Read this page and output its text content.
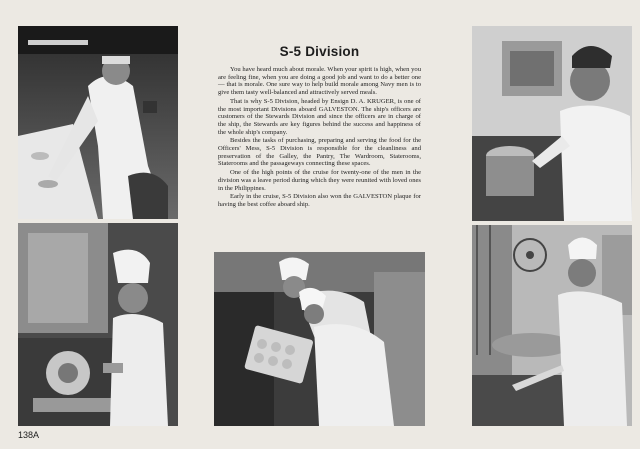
S-5 Division

You have heard much about morale. When your spirit is high, when you are feeling fine, when you are doing a good job and want to do a better one — that is morale. One sure way to help build morale among Navy men is to give them tasty well-balanced and attractively served meals.

That is why S-5 Division, headed by Ensign D. A. KRUGER, is one of the most important Divisions aboard GALVESTON. The ship's officers are customers of the Stewards Division and since the officers are in charge of the ship, the Stewards are key figures behind the success and happiness of the whole ship's company.

Besides the tasks of purchasing, preparing and serving the food for the Officers' Mess, S-5 Division is responsible for the cleanliness and preservation of the Galley, the Pantry, The Wardroom, Staterooms, Staterooms and the passageways connecting these spaces.

One of the high points of the cruise for twenty-one of the men in the division was a leave period during which they were reunited with loved ones in the Philippines.

Early in the cruise, S-5 Division also won the GALVESTON plaque for having the best coffee aboard ship.

138A
